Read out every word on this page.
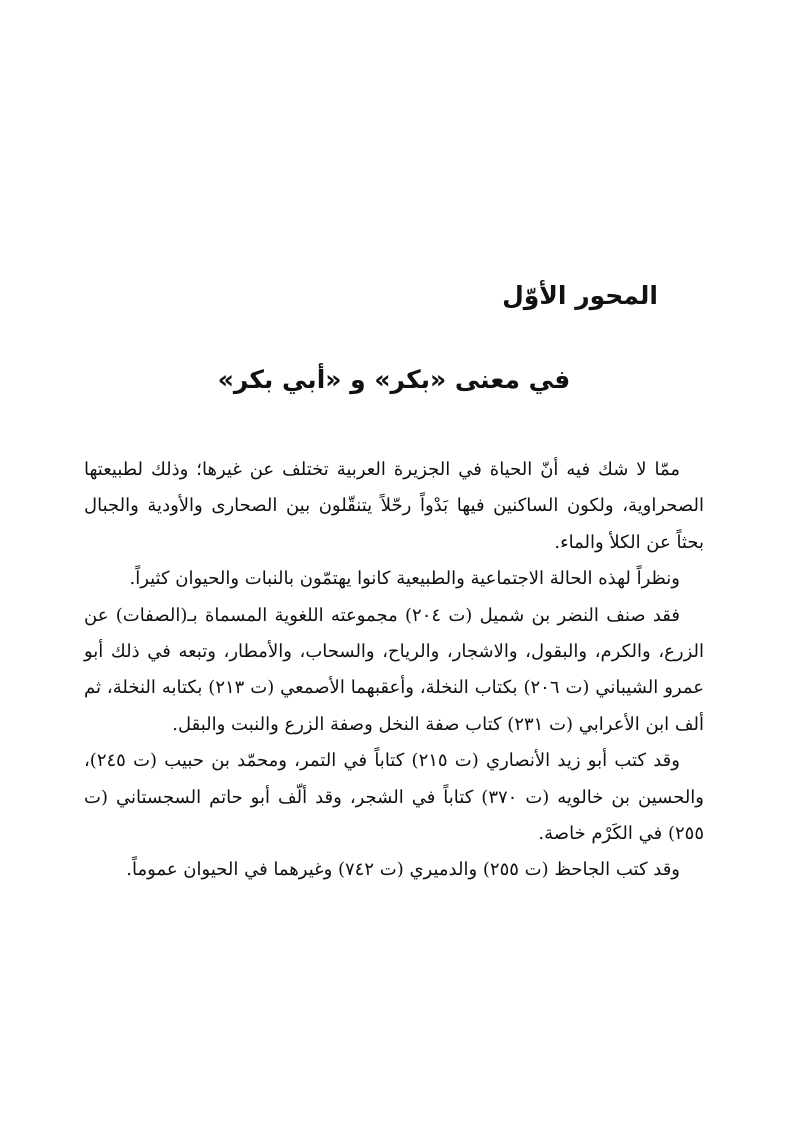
المحور الأوّل
في معنى «بكر» و «أبي بكر»

ممّا لا شك فيه أنّ الحياة في الجزيرة العربية تختلف عن غيرها؛ وذلك لطبيعتها الصحراوية، ولكون الساكنين فيها بَدْواً رحّلاً يتنقّلون بين الصحارى والأودية والجبال بحثاً عن الكلأ والماء.

ونظراً لهذه الحالة الاجتماعية والطبيعية كانوا يهتمّون بالنبات والحيوان كثيراً.

فقد صنف النضر بن شميل (ت ٢٠٤) مجموعته اللغوية المسماة بـ(الصفات) عن الزرع، والكرم، والبقول، والاشجار، والرياح، والسحاب، والأمطار، وتبعه في ذلك أبو عمرو الشيباني (ت ٢٠٦) بكتاب النخلة، وأعقبهما الأصمعي (ت ٢١٣) بكتابه النخلة، ثم ألف ابن الأعرابي (ت ٢٣١) كتاب صفة النخل وصفة الزرع والنبت والبقل.

وقد كتب أبو زيد الأنصاري (ت ٢١٥) كتاباً في التمر، ومحمّد بن حبيب (ت ٢٤٥)، والحسين بن خالويه (ت ٣٧٠) كتاباً في الشجر، وقد ألّف أبو حاتم السجستاني (ت ٢٥٥) في الكَرْم خاصة.

وقد كتب الجاحظ (ت ٢٥٥) والدميري (ت ٧٤٢) وغيرهما في الحيوان عموماً.
